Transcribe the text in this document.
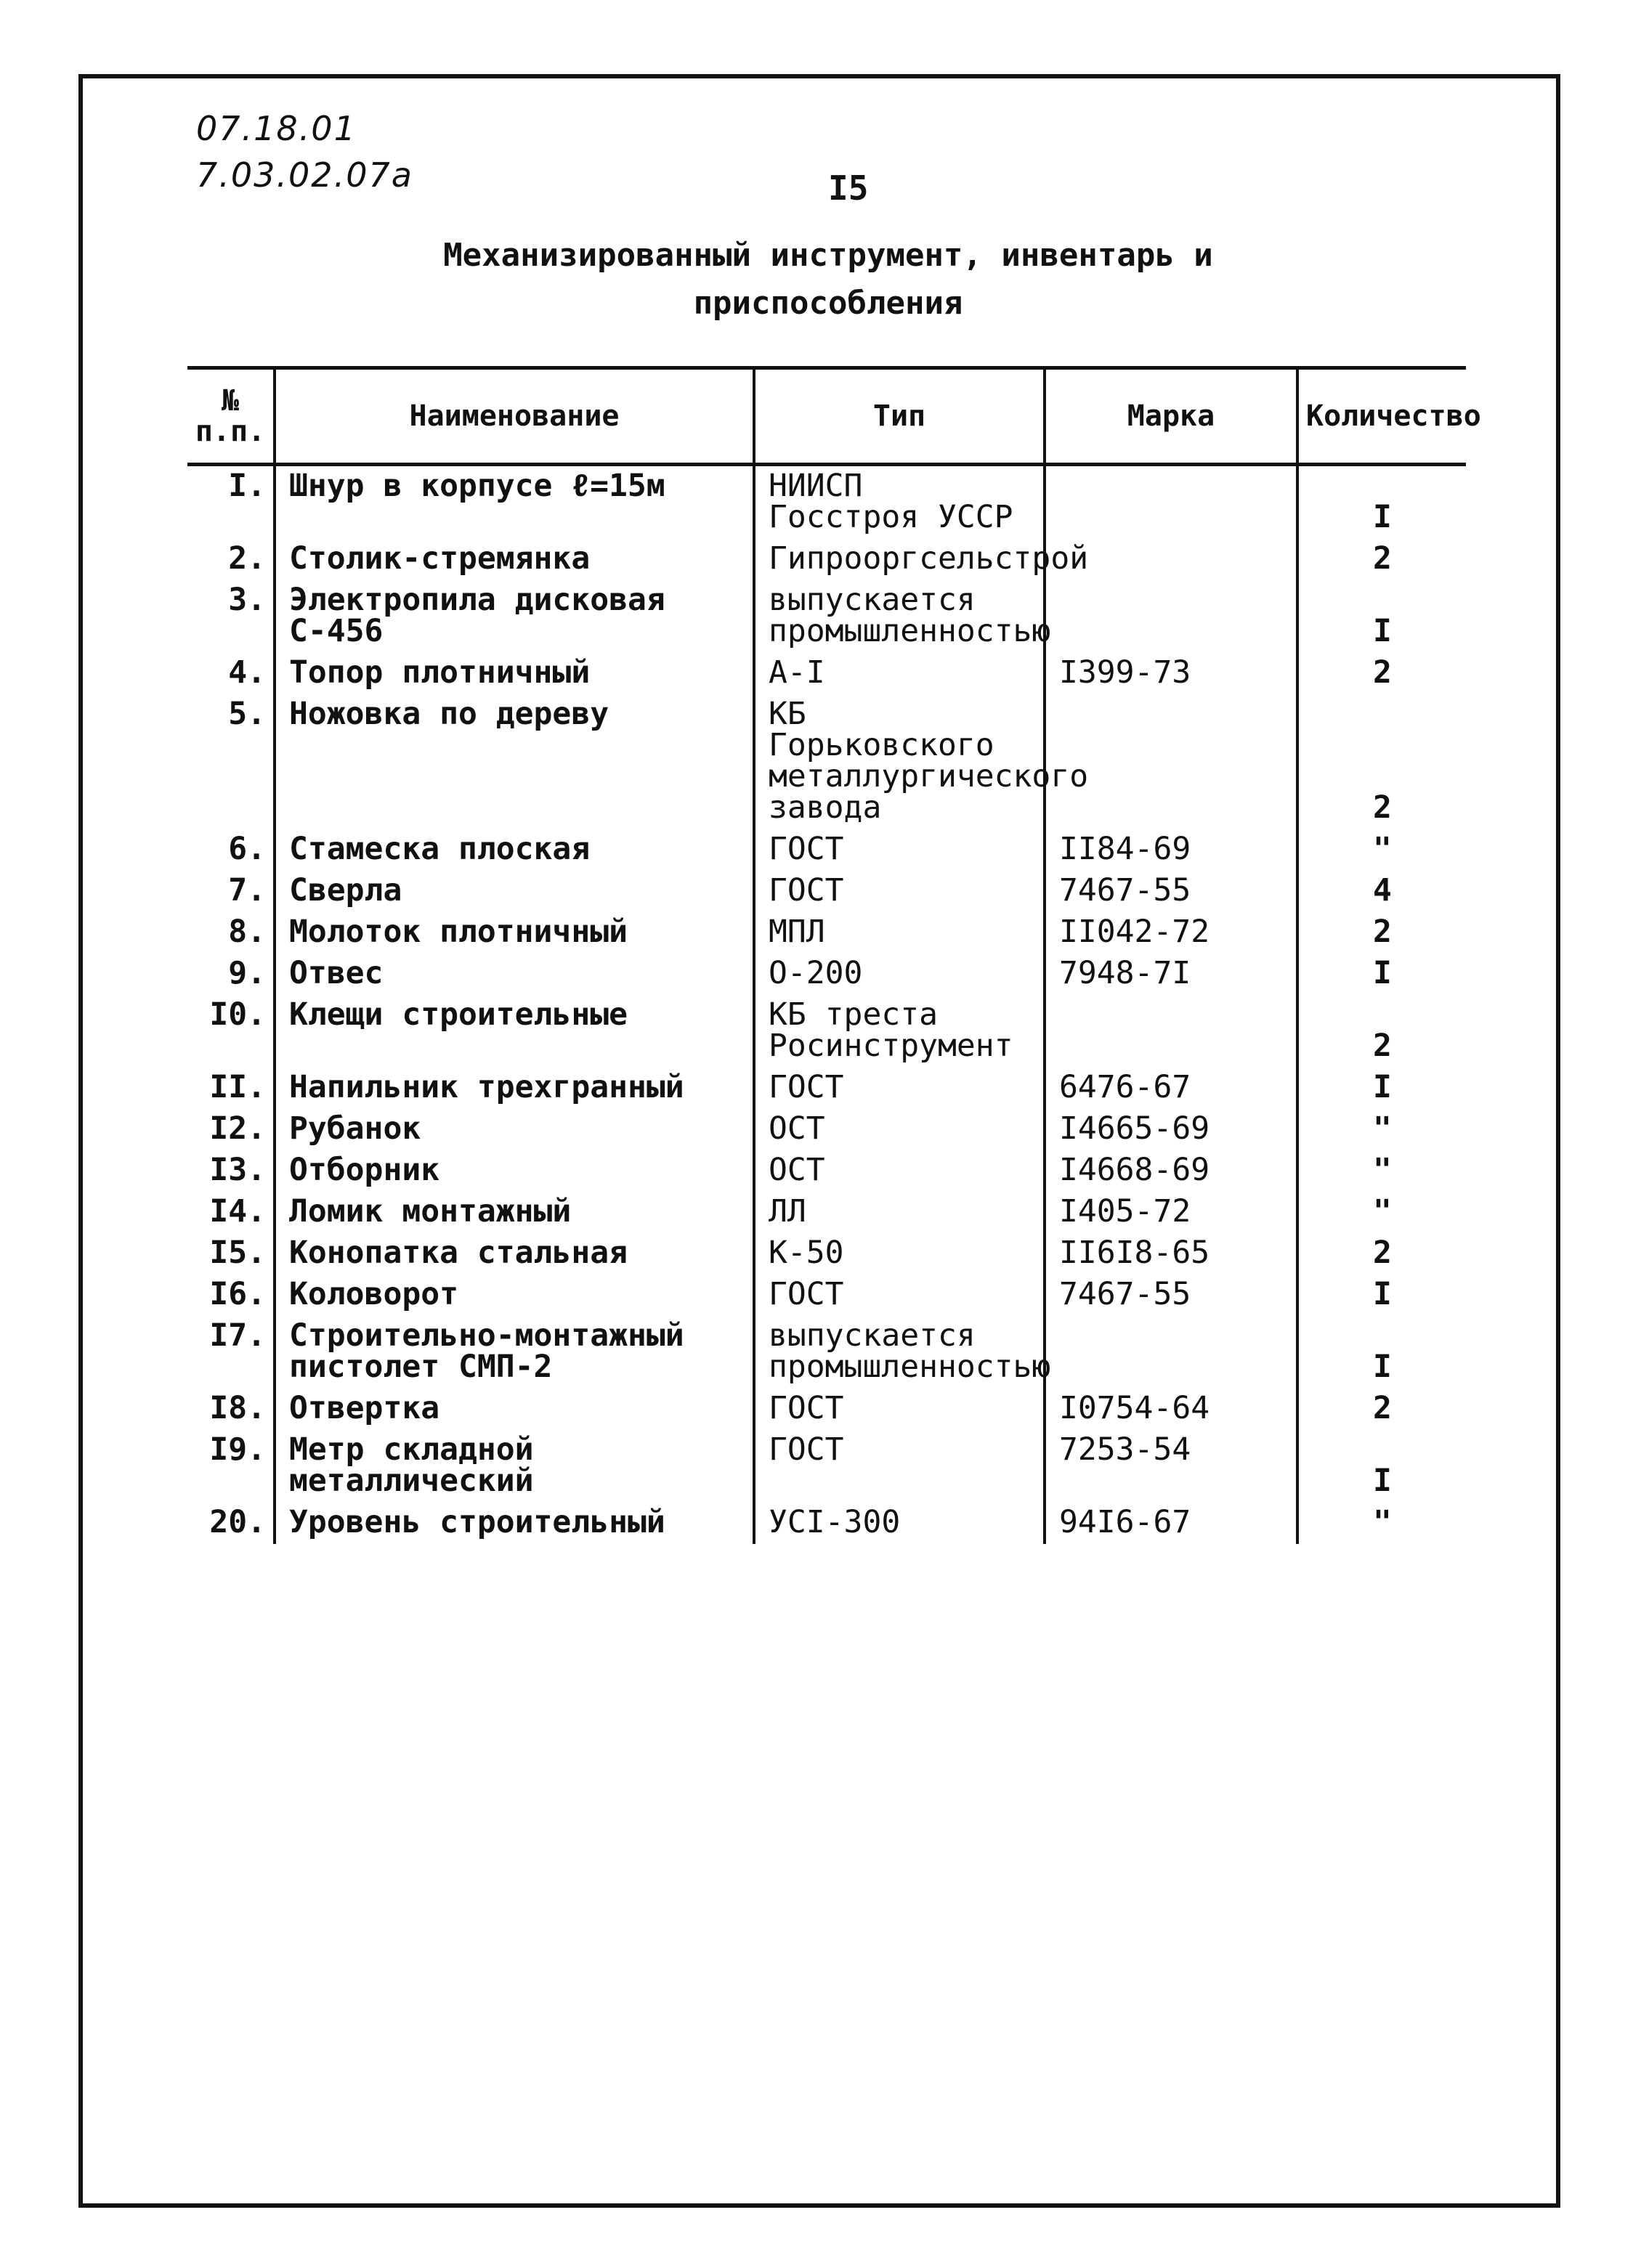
07.18.01
7.03.02.07а	I5
Механизированный инструмент, инвентарь и
приспособления
№ п.п.	Наименование	Тип	Марка	Количество
I.	Шнур в корпусе ℓ=15м	НИИСП Госстроя УССР		I
2.	Столик-стремянка	Гипрооргсельстрой		2
3.	Электропила дисковая С-456	выпускается промышленностью		I
4.	Топор плотничный	А-I	I399-73	2
5.	Ножовка по дереву	КБ Горьковского металлургического завода		2
6.	Стамеска плоская	ГОСТ	II84-69	"
7.	Сверла	ГОСТ	7467-55	4
8.	Молоток плотничный	МПЛ	II042-72	2
9.	Отвес	О-200	7948-7I	I
I0.	Клещи строительные	КБ треста Росинструмент		2
II.	Напильник трехгранный	ГОСТ	6476-67	I
I2.	Рубанок	ОСТ	I4665-69	"
I3.	Отборник	ОСТ	I4668-69	"
I4.	Ломик монтажный	ЛЛ	I405-72	"
I5.	Конопатка стальная	К-50	II6I8-65	2
I6.	Коловорот	ГОСТ	7467-55	I
I7.	Строительно-монтажный пистолет СМП-2	выпускается промышленностью		I
I8.	Отвертка	ГОСТ	I0754-64	2
I9.	Метр складной металлический	ГОСТ	7253-54	I
20.	Уровень строительный	УСI-300	94I6-67	"
